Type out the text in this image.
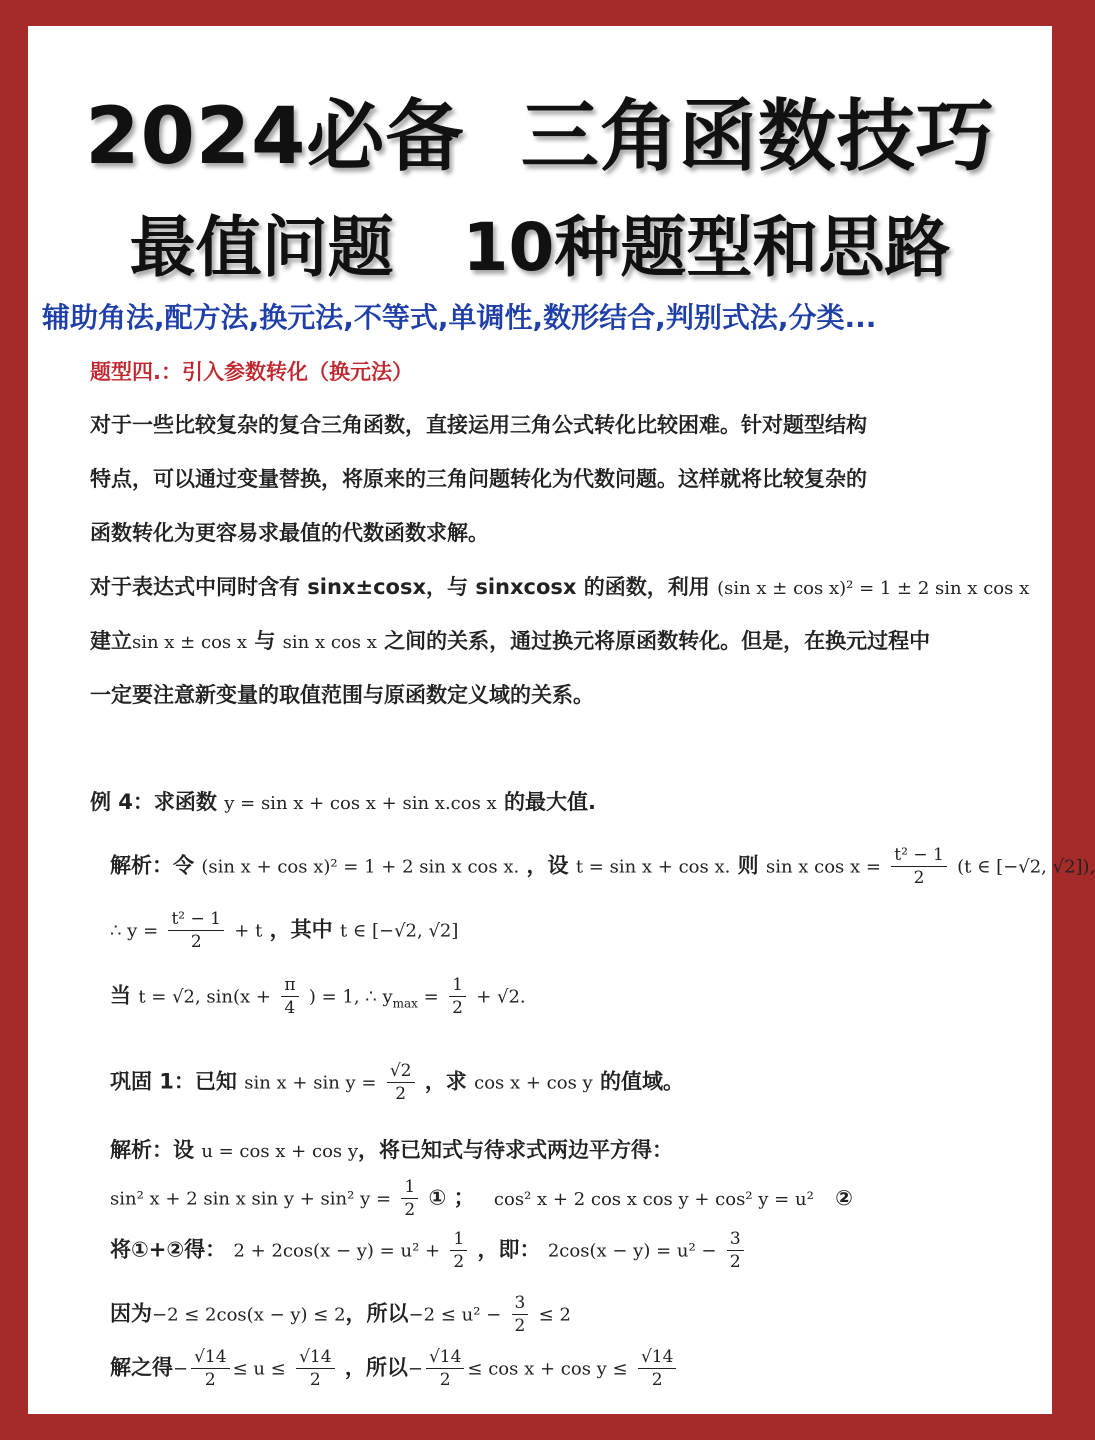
2024必备  三角函数技巧
最值问题   10种题型和思路
辅助角法,配方法,换元法,不等式,单调性,数形结合,判别式法,分类...
题型四.：引入参数转化（换元法）
对于一些比较复杂的复合三角函数，直接运用三角公式转化比较困难。针对题型结构
特点，可以通过变量替换，将原来的三角问题转化为代数问题。这样就将比较复杂的
函数转化为更容易求最值的代数函数求解。
对于表达式中同时含有 sinx±cosx，与 sinxcosx 的函数，利用 (sin x ± cos x)² = 1 ± 2 sin x cos x
建立sin x ± cos x 与 sin x cos x 之间的关系，通过换元将原函数转化。但是，在换元过程中
一定要注意新变量的取值范围与原函数定义域的关系。
例 4：求函数 y = sin x + cos x + sin x.cos x 的最大值.
解析：令 (sin x + cos x)² = 1 + 2 sin x cos x. ，设 t = sin x + cos x. 则 sin x $\cos x = \frac{\text{t² − 1}}{2} (t$ ∈ [−√2, √2]),
∴ $y = \frac{\text{t² − 1}}{2} + t$ ，其中 t ∈ [−√2, √2]
当 t = √2, $\sin(x + \frac{\pi}{4}$ ) = 1, ∴ $y_{max} = \frac{1}{2} + √2$.
巩固 1：已知 $\sin x + \sin y = \frac{√2}{2}$ ，求 cos x + cos y 的值域。
解析：设 u = cos x + cos y，将已知式与待求式两边平方得：
sin² x + 2 sin x sin y + sin² $y = \frac{1}{2}$ ① ； cos² x + 2 cos x cos y + cos² y = u² ②
将①+②得： $2 + 2\cos(x - y) = u^2 + \frac{1}{2}$ ，即： $2\cos(x - y) = u^2 - \frac{3}{2}$
因为−2 ≤ 2cos(x − y) ≤ 2，所以$-2 \le u^2 - \frac{3}{2} \le 2$
解之得− $\frac{√14}{2} \le u \le \frac{√14}{2}$ ，所以− $\frac{√14}{2} \le \cos x + \cos y \le \frac{√14}{2}$
